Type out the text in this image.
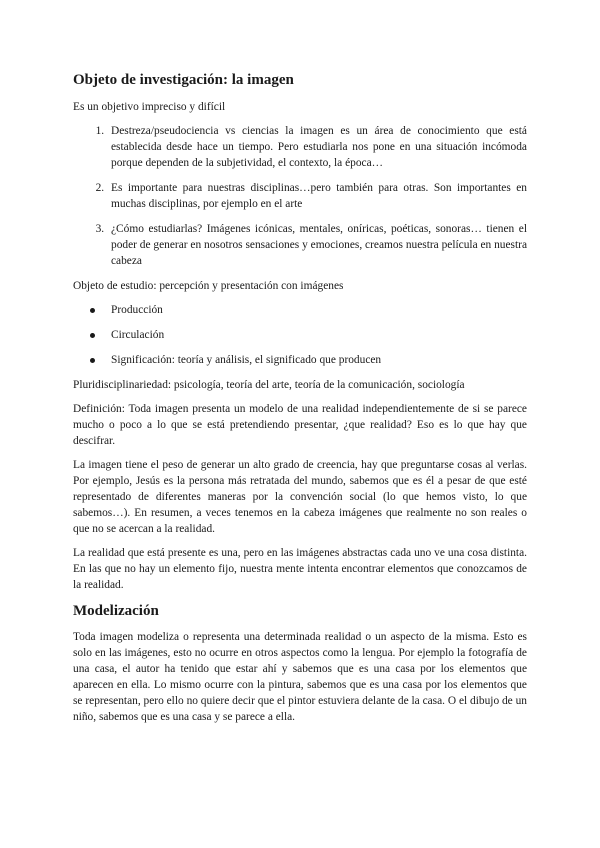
Objeto de investigación: la imagen

Es un objetivo impreciso y difícil

1. Destreza/pseudociencia vs ciencias la imagen es un área de conocimiento que está establecida desde hace un tiempo. Pero estudiarla nos pone en una situación incómoda porque dependen de la subjetividad, el contexto, la época…
2. Es importante para nuestras disciplinas…pero también para otras. Son importantes en muchas disciplinas, por ejemplo en el arte
3. ¿Cómo estudiarlas? Imágenes icónicas, mentales, oníricas, poéticas, sonoras… tienen el poder de generar en nosotros sensaciones y emociones, creamos nuestra película en nuestra cabeza

Objeto de estudio: percepción y presentación con imágenes

Producción
Circulación
Significación: teoría y análisis, el significado que producen

Pluridisciplinariedad: psicología, teoría del arte, teoría de la comunicación, sociología

Definición: Toda imagen presenta un modelo de una realidad independientemente de si se parece mucho o poco a lo que se está pretendiendo presentar, ¿que realidad? Eso es lo que hay que descifrar.

La imagen tiene el peso de generar un alto grado de creencia, hay que preguntarse cosas al verlas. Por ejemplo, Jesús es la persona más retratada del mundo, sabemos que es él a pesar de que esté representado de diferentes maneras por la convención social (lo que hemos visto, lo que sabemos…). En resumen, a veces tenemos en la cabeza imágenes que realmente no son reales o que no se acercan a la realidad.

La realidad que está presente es una, pero en las imágenes abstractas cada uno ve una cosa distinta. En las que no hay un elemento fijo, nuestra mente intenta encontrar elementos que conozcamos de la realidad.

Modelización

Toda imagen modeliza o representa una determinada realidad o un aspecto de la misma. Esto es solo en las imágenes, esto no ocurre en otros aspectos como la lengua. Por ejemplo la fotografía de una casa, el autor ha tenido que estar ahí y sabemos que es una casa por los elementos que aparecen en ella. Lo mismo ocurre con la pintura, sabemos que es una casa por los elementos que se representan, pero ello no quiere decir que el pintor estuviera delante de la casa. O el dibujo de un niño, sabemos que es una casa y se parece a ella.
